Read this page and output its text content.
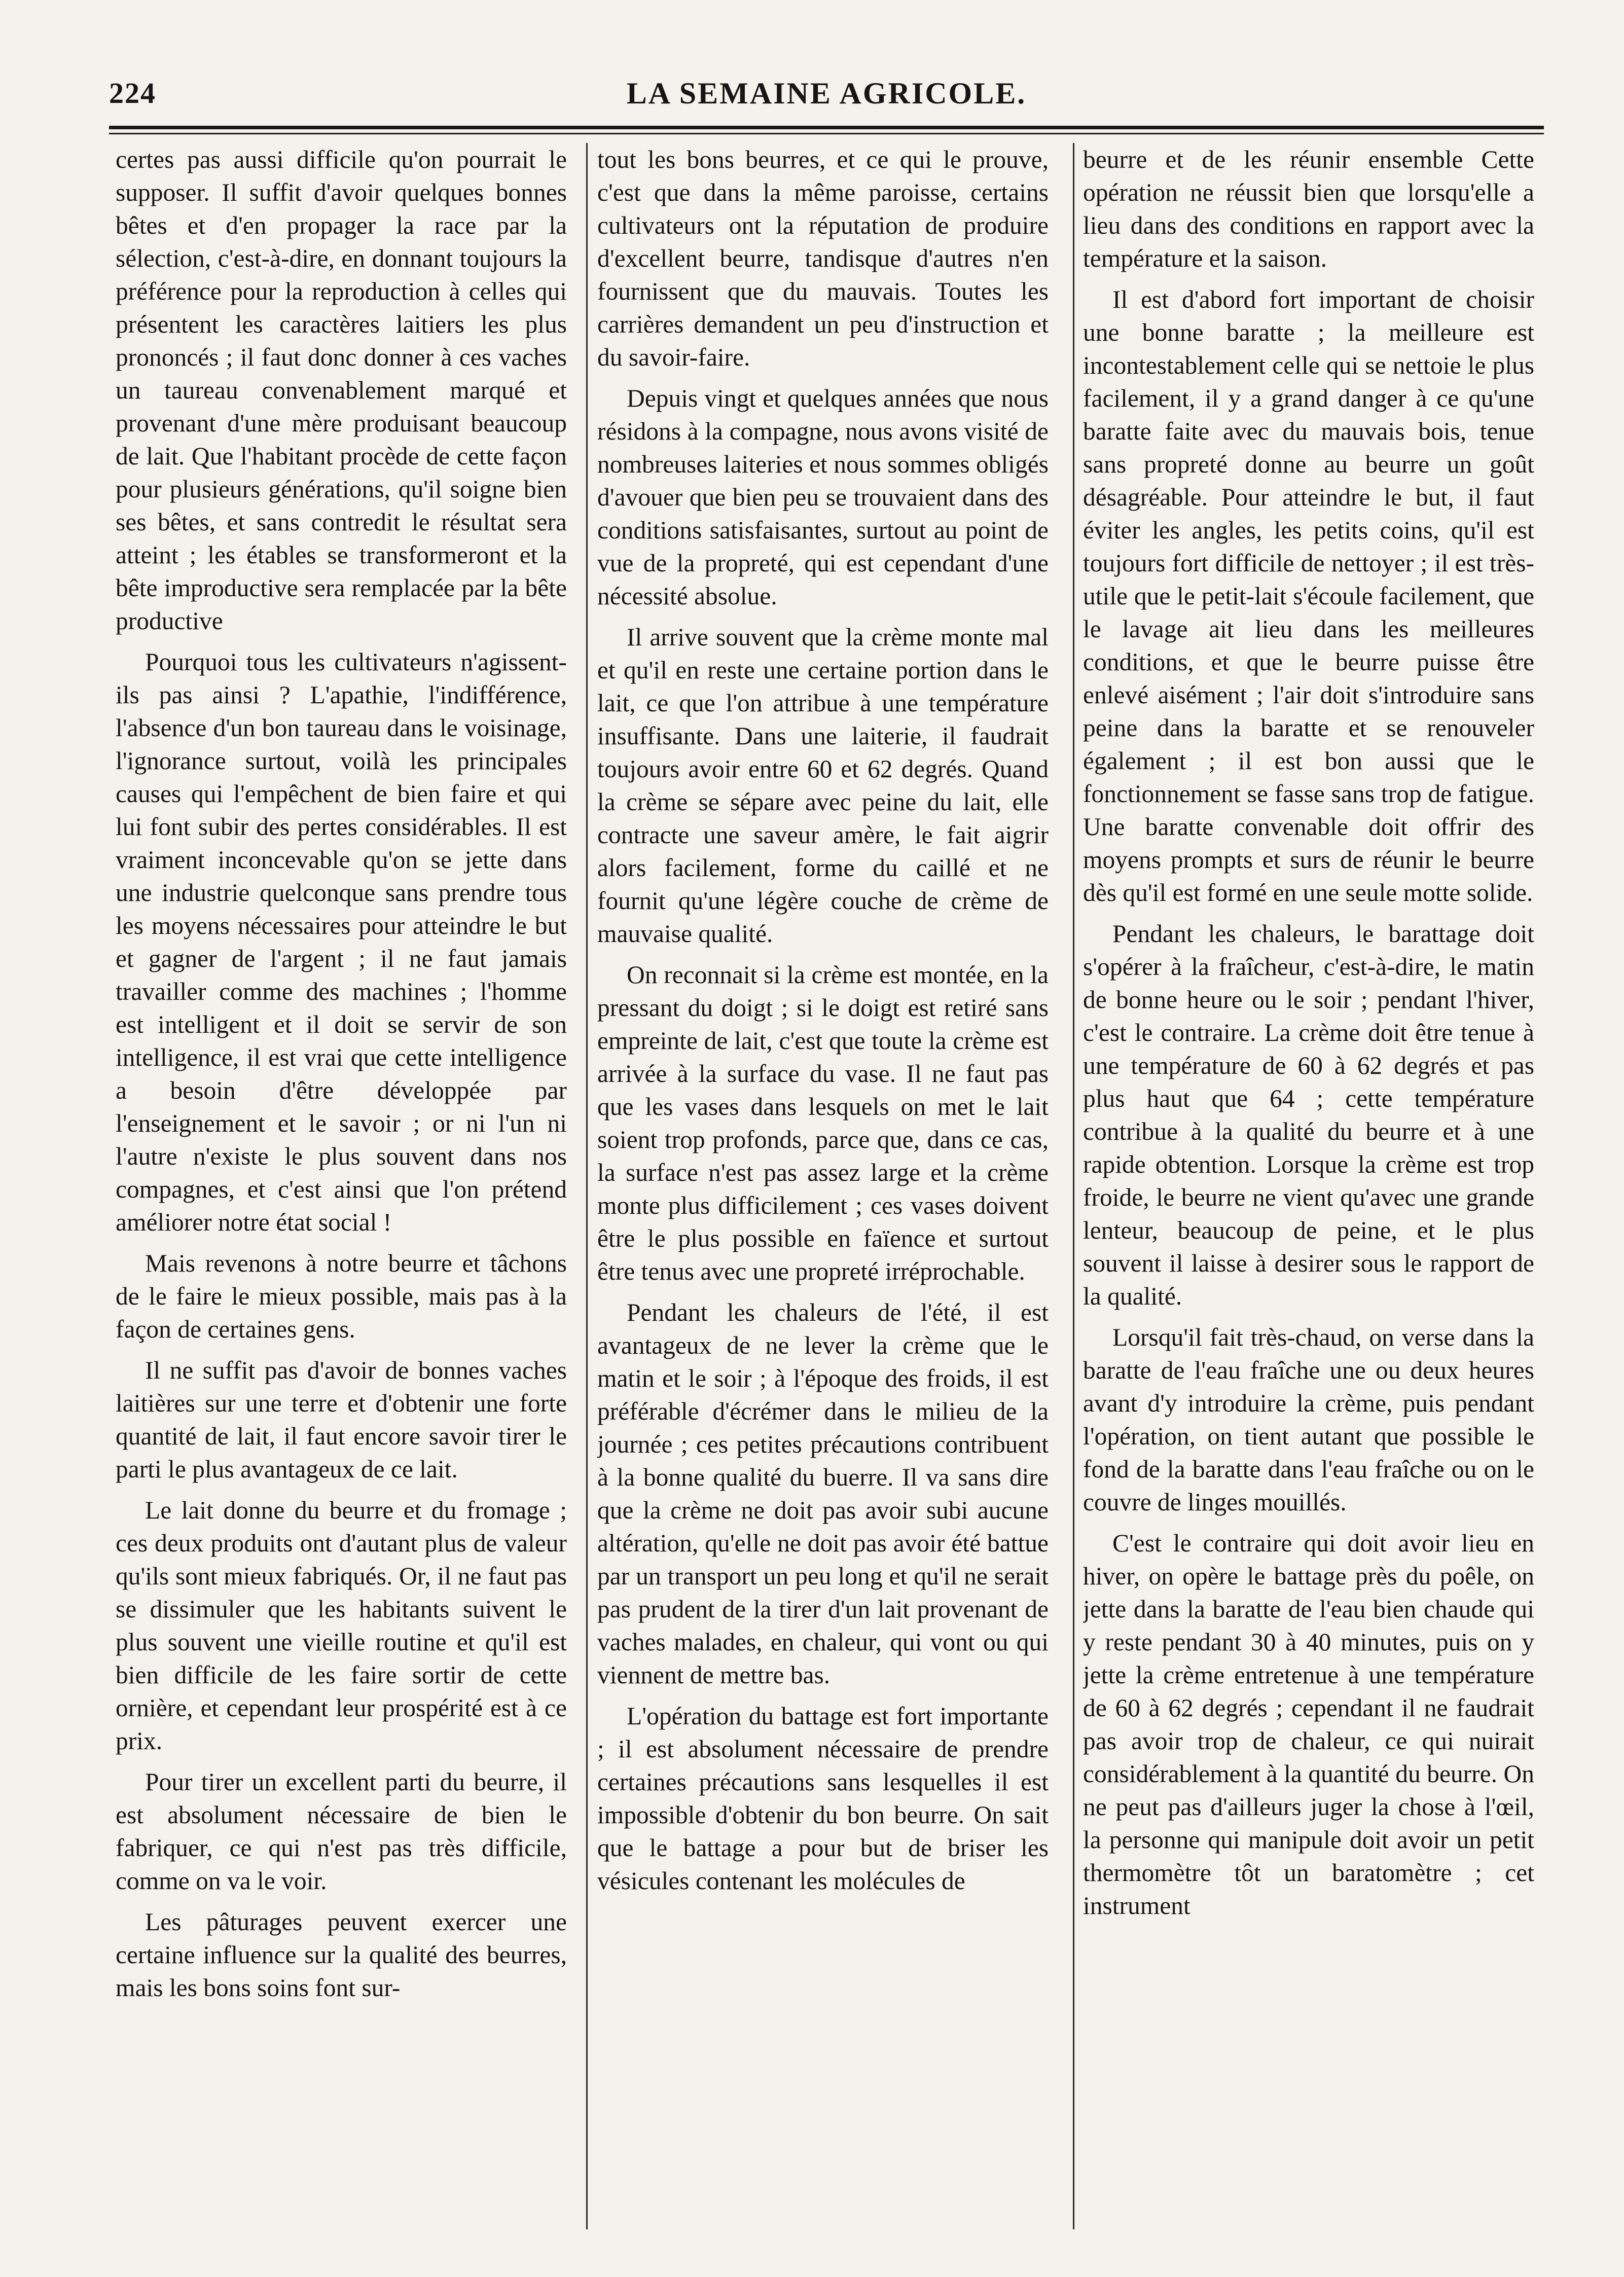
LA SEMAINE AGRICOLE.
224

certes pas aussi difficile qu'on pourrait le supposer. Il suffit d'avoir quelques bonnes bêtes et d'en propager la race par la sélection, c'est-à-dire, en donnant toujours la préférence pour la reproduction à celles qui présentent les caractères laitiers les plus prononcés ; il faut donc donner à ces vaches un taureau convenablement marqué et provenant d'une mère produisant beaucoup de lait. Que l'habitant procède de cette façon pour plusieurs générations, qu'il soigne bien ses bêtes, et sans contredit le résultat sera atteint ; les étables se transformeront et la bête improductive sera remplacée par la bête productive

Pourquoi tous les cultivateurs n'agissent-ils pas ainsi ? L'apathie, l'indifférence, l'absence d'un bon taureau dans le voisinage, l'ignorance surtout, voilà les principales causes qui l'empêchent de bien faire et qui lui font subir des pertes considérables. Il est vraiment inconcevable qu'on se jette dans une industrie quelconque sans prendre tous les moyens nécessaires pour atteindre le but et gagner de l'argent ; il ne faut jamais travailler comme des machines ; l'homme est intelligent et il doit se servir de son intelligence, il est vrai que cette intelligence a besoin d'être développée par l'enseignement et le savoir ; or ni l'un ni l'autre n'existe le plus souvent dans nos compagnes, et c'est ainsi que l'on prétend améliorer notre état social !

Mais revenons à notre beurre et tâchons de le faire le mieux possible, mais pas à la façon de certaines gens.

Il ne suffit pas d'avoir de bonnes vaches laitières sur une terre et d'obtenir une forte quantité de lait, il faut encore savoir tirer le parti le plus avantageux de ce lait.

Le lait donne du beurre et du fromage ; ces deux produits ont d'autant plus de valeur qu'ils sont mieux fabriqués. Or, il ne faut pas se dissimuler que les habitants suivent le plus souvent une vieille routine et qu'il est bien difficile de les faire sortir de cette ornière, et cependant leur prospérité est à ce prix.

Pour tirer un excellent parti du beurre, il est absolument nécessaire de bien le fabriquer, ce qui n'est pas très difficile, comme on va le voir.

Les pâturages peuvent exercer une certaine influence sur la qualité des beurres, mais les bons soins font sur-

tout les bons beurres, et ce qui le prouve, c'est que dans la même paroisse, certains cultivateurs ont la réputation de produire d'excellent beurre, tandisque d'autres n'en fournissent que du mauvais. Toutes les carrières demandent un peu d'instruction et du savoir-faire.

Depuis vingt et quelques années que nous résidons à la compagne, nous avons visité de nombreuses laiteries et nous sommes obligés d'avouer que bien peu se trouvaient dans des conditions satisfaisantes, surtout au point de vue de la propreté, qui est cependant d'une nécessité absolue.

Il arrive souvent que la crème monte mal et qu'il en reste une certaine portion dans le lait, ce que l'on attribue à une température insuffisante. Dans une laiterie, il faudrait toujours avoir entre 60 et 62 degrés. Quand la crème se sépare avec peine du lait, elle contracte une saveur amère, le fait aigrir alors facilement, forme du caillé et ne fournit qu'une légère couche de crème de mauvaise qualité.

On reconnait si la crème est montée, en la pressant du doigt ; si le doigt est retiré sans empreinte de lait, c'est que toute la crème est arrivée à la surface du vase. Il ne faut pas que les vases dans lesquels on met le lait soient trop profonds, parce que, dans ce cas, la surface n'est pas assez large et la crème monte plus difficilement ; ces vases doivent être le plus possible en faïence et surtout être tenus avec une propreté irréprochable.

Pendant les chaleurs de l'été, il est avantageux de ne lever la crème que le matin et le soir ; à l'époque des froids, il est préférable d'écrémer dans le milieu de la journée ; ces petites précautions contribuent à la bonne qualité du buerre. Il va sans dire que la crème ne doit pas avoir subi aucune altération, qu'elle ne doit pas avoir été battue par un transport un peu long et qu'il ne serait pas prudent de la tirer d'un lait provenant de vaches malades, en chaleur, qui vont ou qui viennent de mettre bas.

L'opération du battage est fort importante ; il est absolument nécessaire de prendre certaines précautions sans lesquelles il est impossible d'obtenir du bon beurre. On sait que le battage a pour but de briser les vésicules contenant les molécules de

beurre et de les réunir ensemble Cette opération ne réussit bien que lorsqu'elle a lieu dans des conditions en rapport avec la température et la saison.

Il est d'abord fort important de choisir une bonne baratte ; la meilleure est incontestablement celle qui se nettoie le plus facilement, il y a grand danger à ce qu'une baratte faite avec du mauvais bois, tenue sans propreté donne au beurre un goût désagréable. Pour atteindre le but, il faut éviter les angles, les petits coins, qu'il est toujours fort difficile de nettoyer ; il est très-utile que le petit-lait s'écoule facilement, que le lavage ait lieu dans les meilleures conditions, et que le beurre puisse être enlevé aisément ; l'air doit s'introduire sans peine dans la baratte et se renouveler également ; il est bon aussi que le fonctionnement se fasse sans trop de fatigue. Une baratte convenable doit offrir des moyens prompts et surs de réunir le beurre dès qu'il est formé en une seule motte solide.

Pendant les chaleurs, le barattage doit s'opérer à la fraîcheur, c'est-à-dire, le matin de bonne heure ou le soir ; pendant l'hiver, c'est le contraire. La crème doit être tenue à une température de 60 à 62 degrés et pas plus haut que 64 ; cette température contribue à la qualité du beurre et à une rapide obtention. Lorsque la crème est trop froide, le beurre ne vient qu'avec une grande lenteur, beaucoup de peine, et le plus souvent il laisse à desirer sous le rapport de la qualité.

Lorsqu'il fait très-chaud, on verse dans la baratte de l'eau fraîche une ou deux heures avant d'y introduire la crème, puis pendant l'opération, on tient autant que possible le fond de la baratte dans l'eau fraîche ou on le couvre de linges mouillés.

C'est le contraire qui doit avoir lieu en hiver, on opère le battage près du poêle, on jette dans la baratte de l'eau bien chaude qui y reste pendant 30 à 40 minutes, puis on y jette la crème entretenue à une température de 60 à 62 degrés ; cependant il ne faudrait pas avoir trop de chaleur, ce qui nuirait considérablement à la quantité du beurre. On ne peut pas d'ailleurs juger la chose à l'œil, la personne qui manipule doit avoir un petit thermomètre tôt un baratomètre ; cet instrument
